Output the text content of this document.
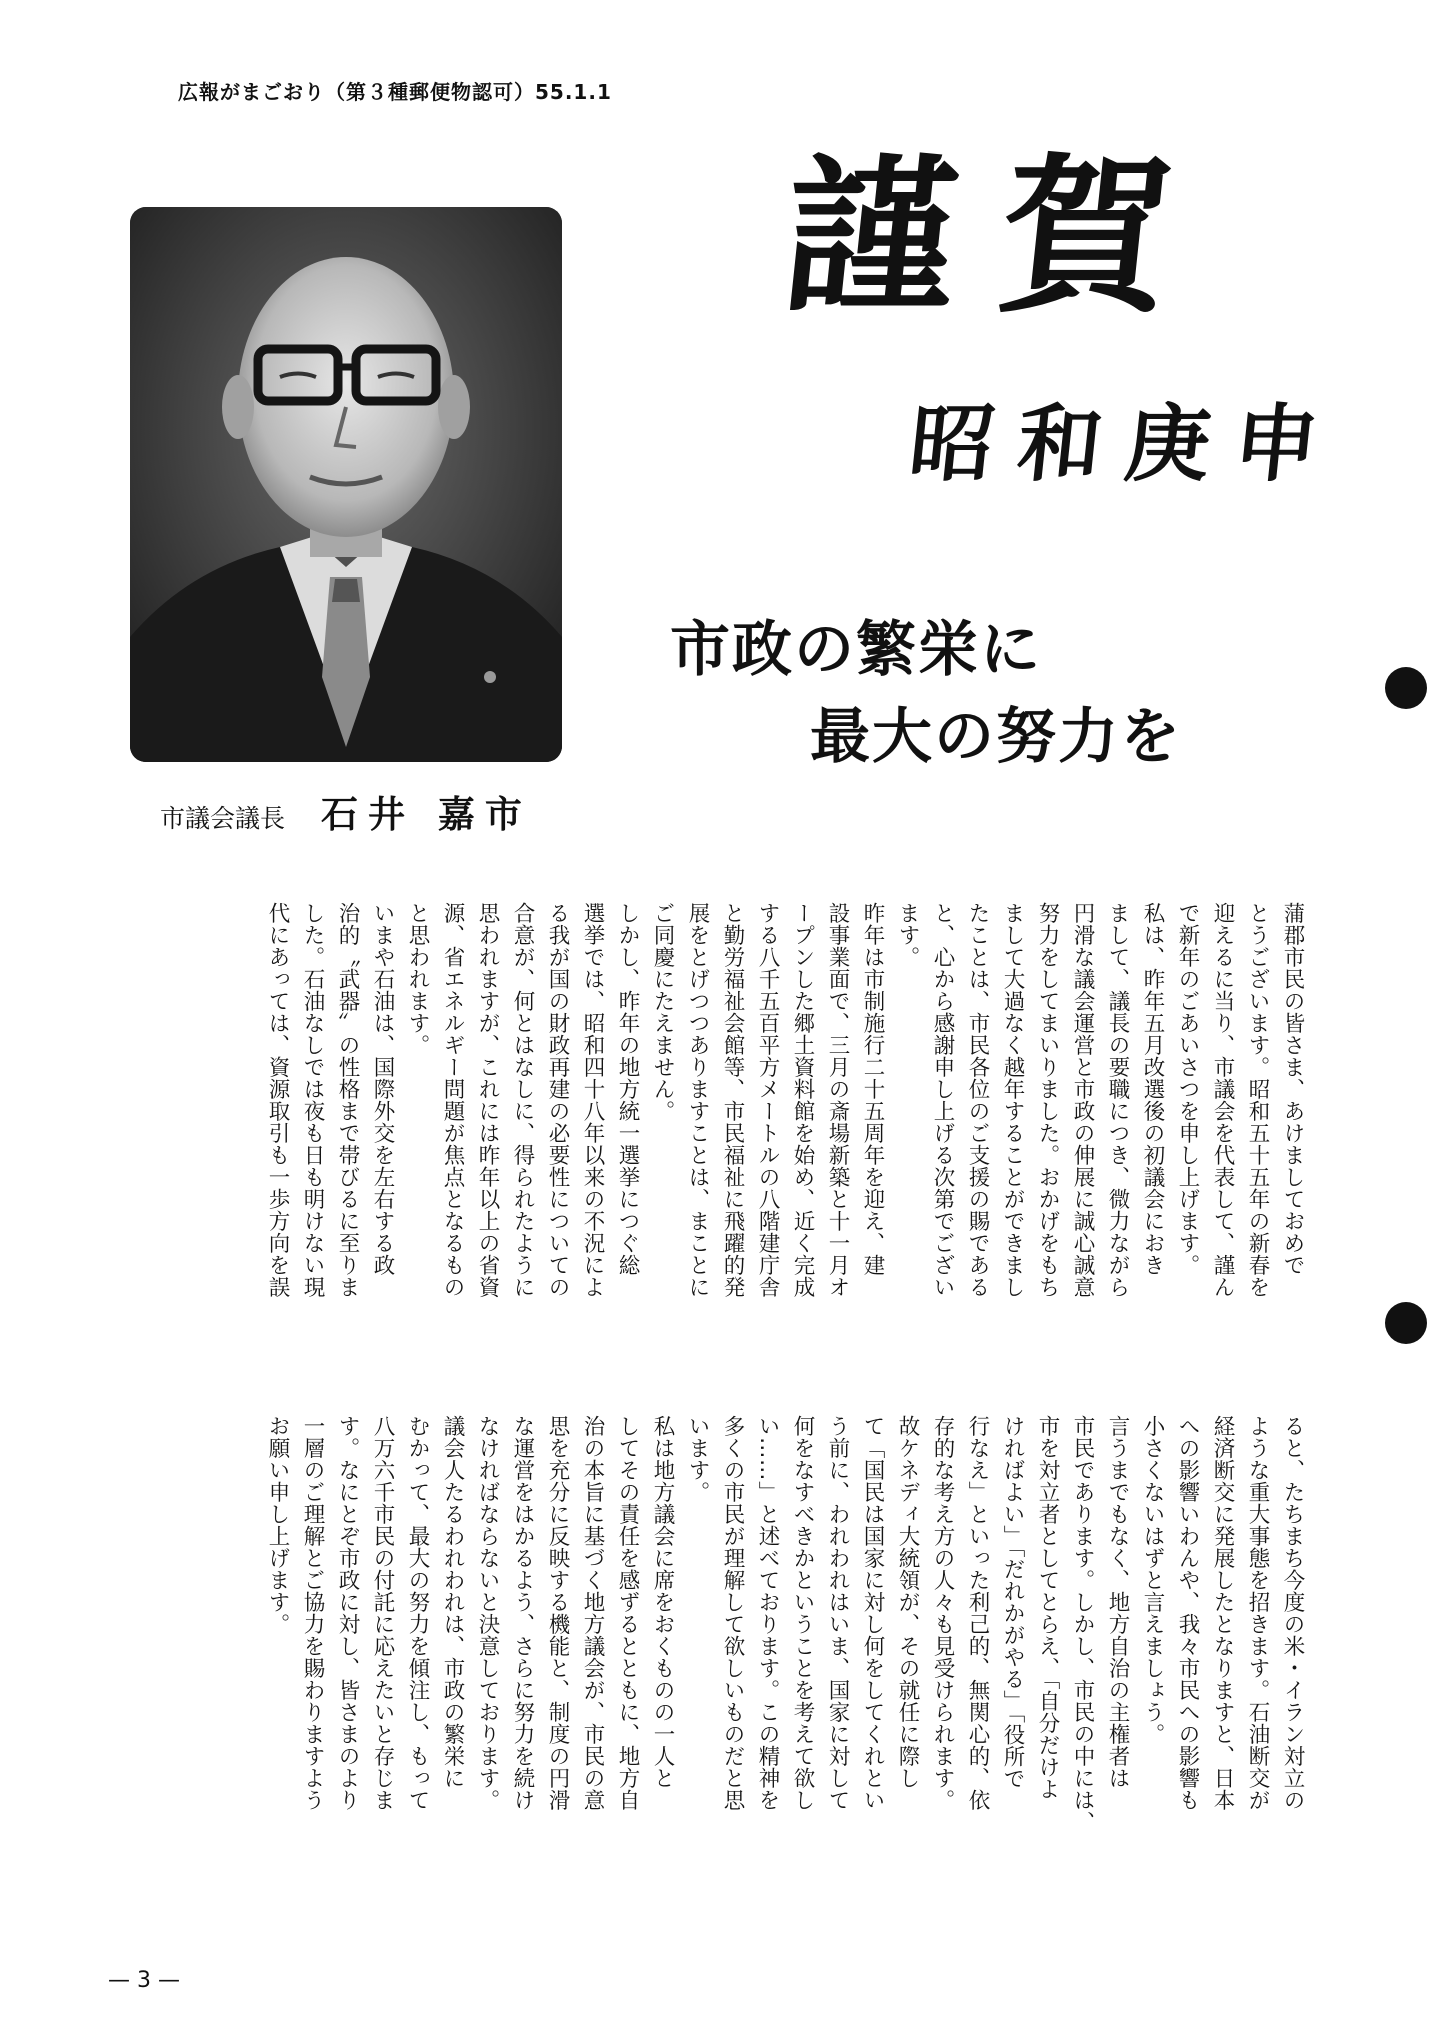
広報がまごおり（第３種郵便物認可）55.1.1
市議会議長 石井 嘉市
謹賀
昭和庚申
市政の繁栄に
最大の努力を
蒲郡市民の皆さま、あけましておめで
とうございます。昭和五十五年の新春を
迎えるに当り、市議会を代表して、謹ん
で新年のごあいさつを申し上げます。
私は、昨年五月改選後の初議会におき
まして、議長の要職につき、微力ながら
円滑な議会運営と市政の伸展に誠心誠意
努力をしてまいりました。おかげをもち
まして大過なく越年することができまし
たことは、市民各位のご支援の賜である
と、心から感謝申し上げる次第でござい
ます。
昨年は市制施行二十五周年を迎え、建
設事業面で、三月の斎場新築と十一月オ
ープンした郷土資料館を始め、近く完成
する八千五百平方メートルの八階建庁舎
と勤労福祉会館等、市民福祉に飛躍的発
展をとげつつありますことは、まことに
ご同慶にたえません。
しかし、昨年の地方統一選挙につぐ総
選挙では、昭和四十八年以来の不況によ
る我が国の財政再建の必要性についての
合意が、何とはなしに、得られたように
思われますが、これには昨年以上の省資
源、省エネルギー問題が焦点となるもの
と思われます。
いまや石油は、国際外交を左右する政
治的〝武器〟の性格まで帯びるに至りま
した。石油なしでは夜も日も明けない現
代にあっては、資源取引も一歩方向を誤
ると、たちまち今度の米・イラン対立の
ような重大事態を招きます。石油断交が
経済断交に発展したとなりますと、日本
への影響いわんや、我々市民への影響も
小さくないはずと言えましょう。
言うまでもなく、地方自治の主権者は
市民であります。しかし、市民の中には、
市を対立者としてとらえ、「自分だけよ
ければよい」「だれかがやる」「役所で
行なえ」といった利己的、無関心的、依
存的な考え方の人々も見受けられます。
故ケネディ大統領が、その就任に際し
て「国民は国家に対し何をしてくれとい
う前に、われわれはいま、国家に対して
何をなすべきかということを考えて欲し
い……」と述べております。この精神を
多くの市民が理解して欲しいものだと思
います。
私は地方議会に席をおくものの一人と
してその責任を感ずるとともに、地方自
治の本旨に基づく地方議会が、市民の意
思を充分に反映する機能と、制度の円滑
な運営をはかるよう、さらに努力を続け
なければならないと決意しております。
議会人たるわれわれは、市政の繁栄に
むかって、最大の努力を傾注し、もって
八万六千市民の付託に応えたいと存じま
す。なにとぞ市政に対し、皆さまのより
一層のご理解とご協力を賜わりますよう
お願い申し上げます。
— 3 —
